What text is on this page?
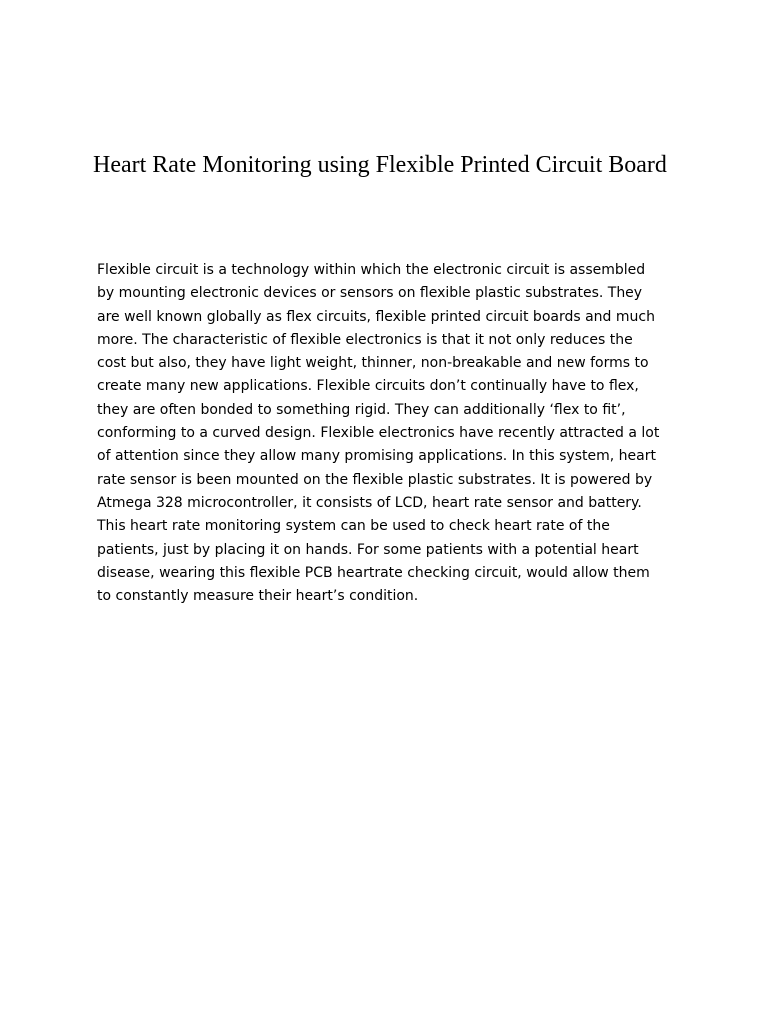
Heart Rate Monitoring using Flexible Printed Circuit Board
Flexible circuit is a technology within which the electronic circuit is assembled
by mounting electronic devices or sensors on flexible plastic substrates. They
are well known globally as flex circuits, flexible printed circuit boards and much
more. The characteristic of flexible electronics is that it not only reduces the
cost but also, they have light weight, thinner, non-breakable and new forms to
create many new applications. Flexible circuits don’t continually have to flex,
they are often bonded to something rigid. They can additionally ‘flex to fit’,
conforming to a curved design. Flexible electronics have recently attracted a lot
of attention since they allow many promising applications. In this system, heart
rate sensor is been mounted on the flexible plastic substrates. It is powered by
Atmega 328 microcontroller, it consists of LCD, heart rate sensor and battery.
This heart rate monitoring system can be used to check heart rate of the
patients, just by placing it on hands. For some patients with a potential heart
disease, wearing this flexible PCB heartrate checking circuit, would allow them
to constantly measure their heart’s condition.
